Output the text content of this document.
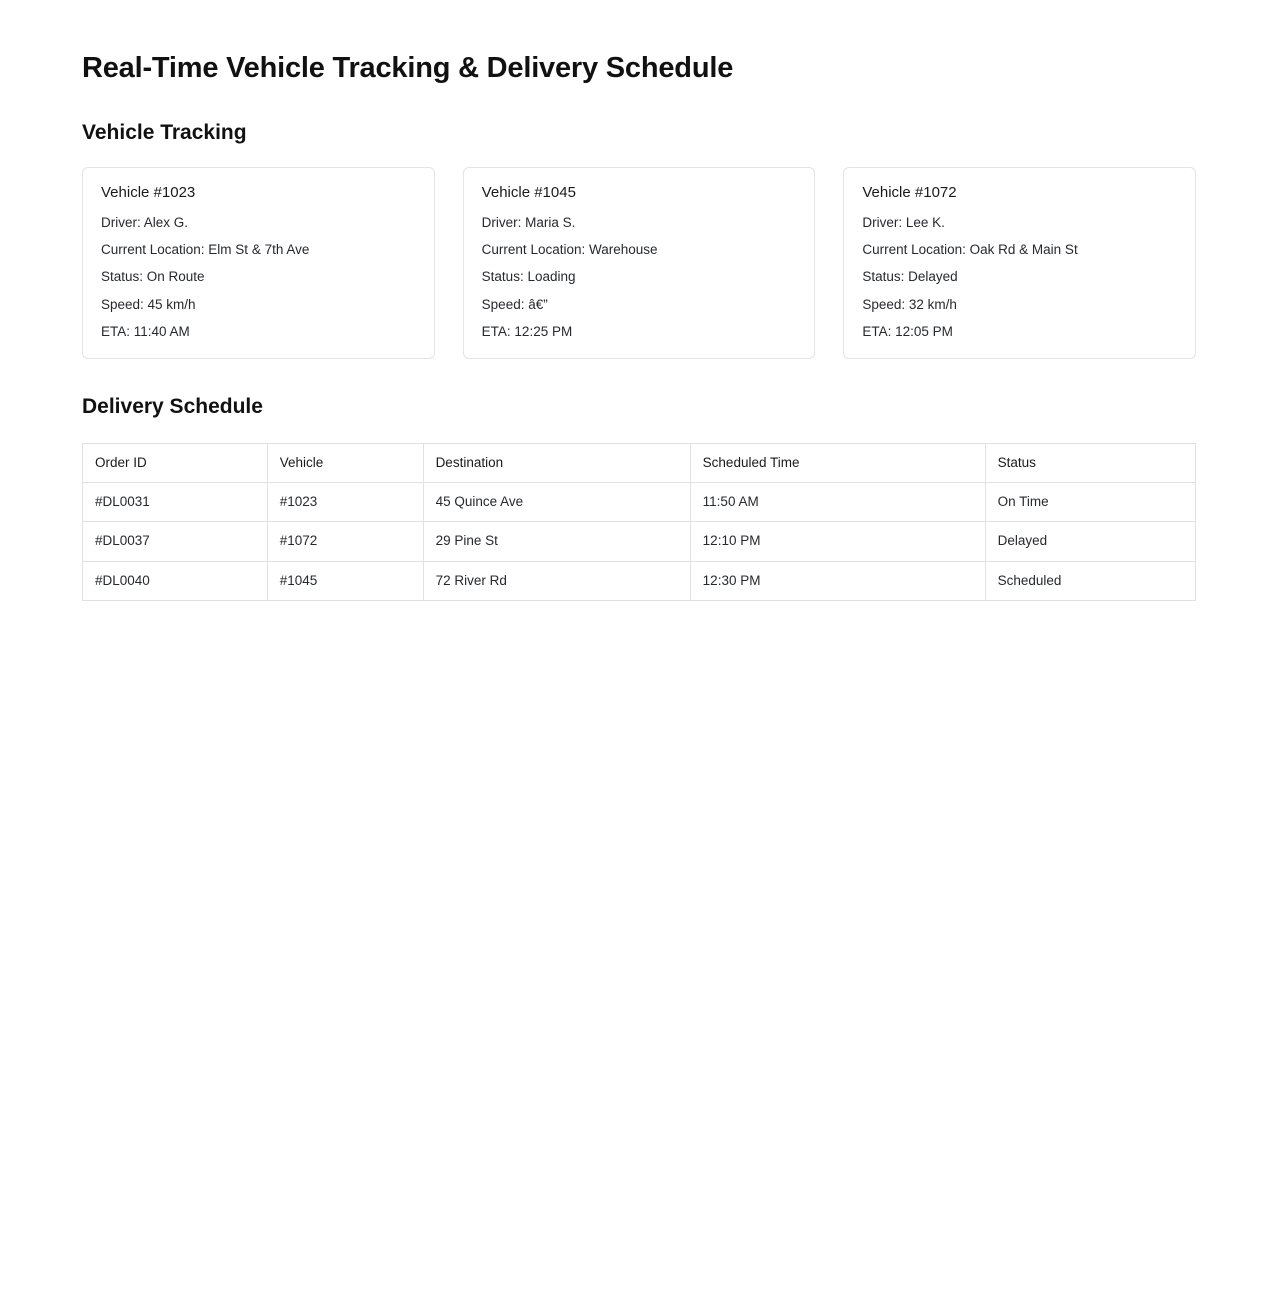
Real-Time Vehicle Tracking & Delivery Schedule
Vehicle Tracking
Vehicle #1023

Driver: Alex G.

Current Location: Elm St & 7th Ave

Status: On Route

Speed: 45 km/h

ETA: 11:40 AM

Vehicle #1045

Driver: Maria S.

Current Location: Warehouse

Status: Loading

Speed: â€”

ETA: 12:25 PM

Vehicle #1072

Driver: Lee K.

Current Location: Oak Rd & Main St

Status: Delayed

Speed: 32 km/h

ETA: 12:05 PM

Delivery Schedule
Order ID	Vehicle	Destination	Scheduled Time	Status
#DL0031	#1023	45 Quince Ave	11:50 AM	On Time
#DL0037	#1072	29 Pine St	12:10 PM	Delayed
#DL0040	#1045	72 River Rd	12:30 PM	Scheduled
